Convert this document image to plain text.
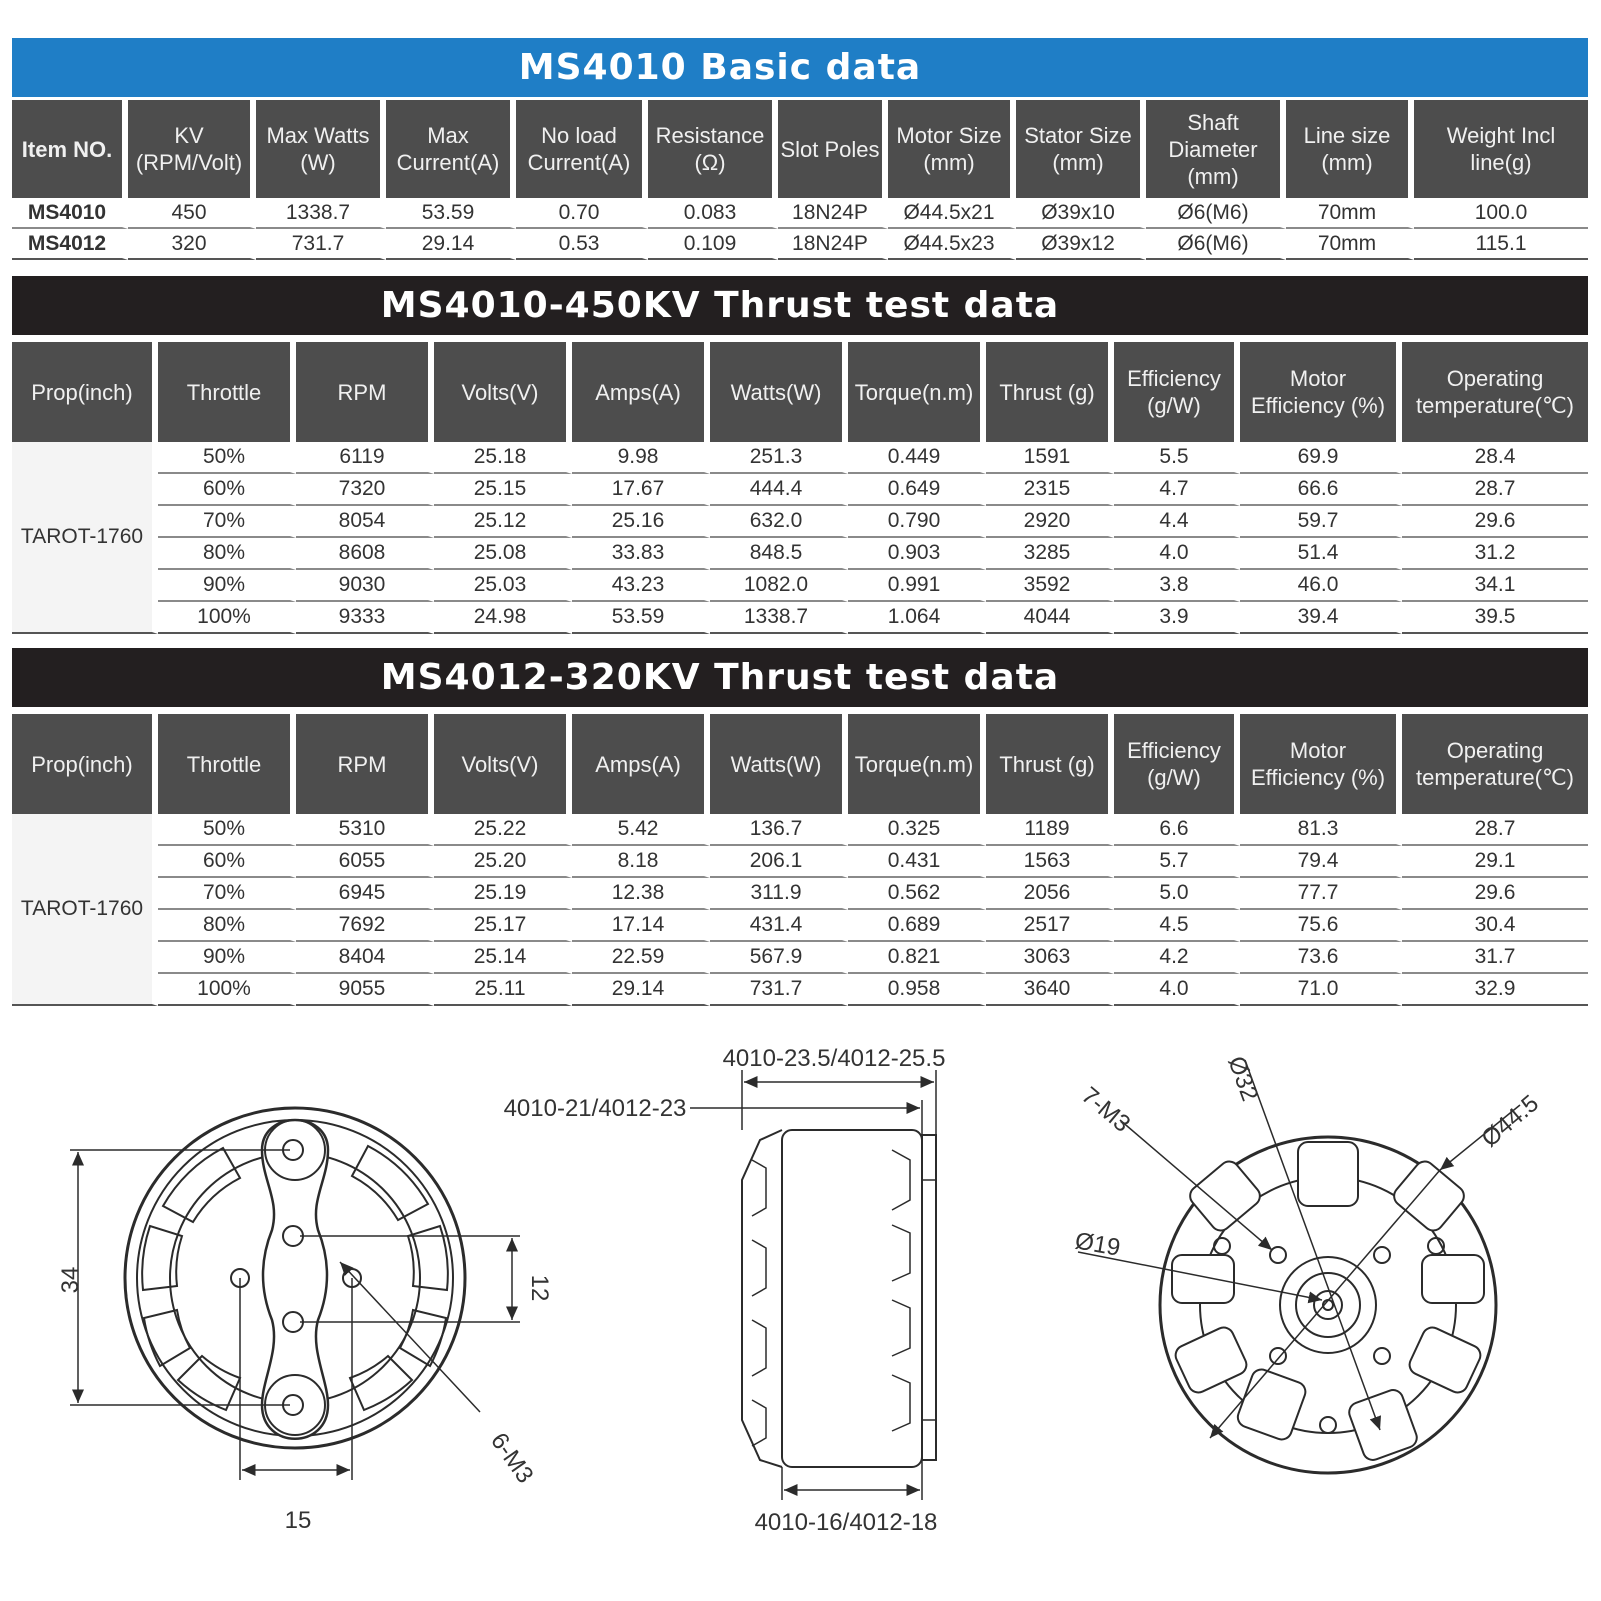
MS4010 Basic data
Item NO.	KV (RPM/Volt)	Max Watts (W)	Max Current(A)	No load Current(A)	Resistance (Ω)	Slot Poles	Motor Size (mm)	Stator Size (mm)	Shaft Diameter (mm)	Line size (mm)	Weight Incl line(g)
MS4010	450	1338.7	53.59	0.70	0.083	18N24P	Ø44.5x21	Ø39x10	Ø6(M6)	70mm	100.0
MS4012	320	731.7	29.14	0.53	0.109	18N24P	Ø44.5x23	Ø39x12	Ø6(M6)	70mm	115.1
MS4010-450KV Thrust test data
Prop(inch)	Throttle	RPM	Volts(V)	Amps(A)	Watts(W)	Torque(n.m)	Thrust (g)	Efficiency (g/W)	Motor Efficiency (%)	Operating temperature(℃)
TAROT-1760	50%	6119	25.18	9.98	251.3	0.449	1591	5.5	69.9	28.4
	60%	7320	25.15	17.67	444.4	0.649	2315	4.7	66.6	28.7
	70%	8054	25.12	25.16	632.0	0.790	2920	4.4	59.7	29.6
	80%	8608	25.08	33.83	848.5	0.903	3285	4.0	51.4	31.2
	90%	9030	25.03	43.23	1082.0	0.991	3592	3.8	46.0	34.1
	100%	9333	24.98	53.59	1338.7	1.064	4044	3.9	39.4	39.5
MS4012-320KV Thrust test data
Prop(inch)	Throttle	RPM	Volts(V)	Amps(A)	Watts(W)	Torque(n.m)	Thrust (g)	Efficiency (g/W)	Motor Efficiency (%)	Operating temperature(℃)
TAROT-1760	50%	5310	25.22	5.42	136.7	0.325	1189	6.6	81.3	28.7
	60%	6055	25.20	8.18	206.1	0.431	1563	5.7	79.4	29.1
	70%	6945	25.19	12.38	311.9	0.562	2056	5.0	77.7	29.6
	80%	7692	25.17	17.14	431.4	0.689	2517	4.5	75.6	30.4
	90%	8404	25.14	22.59	567.9	0.821	3063	4.2	73.6	31.7
	100%	9055	25.11	29.14	731.7	0.958	3640	4.0	71.0	32.9
34	12
15
6-M3
4010-23.5/4012-25.5
4010-21/4012-23
4010-16/4012-18
Ø32
7-M3	Ø44.5
Ø19
